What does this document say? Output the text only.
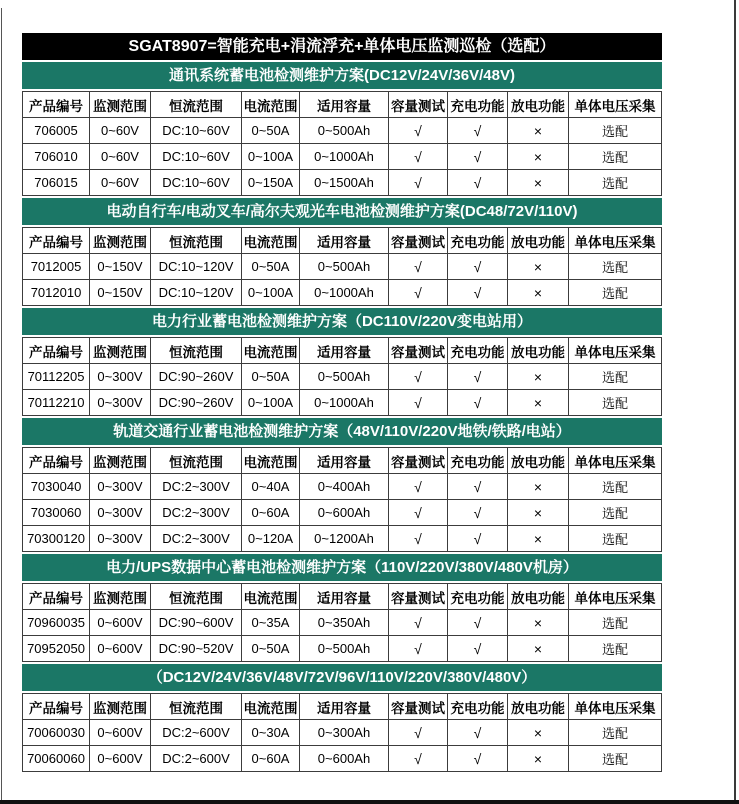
SGAT8907=智能充电+涓流浮充+单体电压监测巡检（选配）
通讯系统蓄电池检测维护方案(DC12V/24V/36V/48V)
产品编号	监测范围	恒流范围	电流范围	适用容量	容量测试	充电功能	放电功能	单体电压采集
706005	0~60V	DC:10~60V	0~50A	0~500Ah	√	√	×	选配
706010	0~60V	DC:10~60V	0~100A	0~1000Ah	√	√	×	选配
706015	0~60V	DC:10~60V	0~150A	0~1500Ah	√	√	×	选配
电动自行车/电动叉车/高尔夫观光车电池检测维护方案(DC48/72V/110V)
产品编号	监测范围	恒流范围	电流范围	适用容量	容量测试	充电功能	放电功能	单体电压采集
7012005	0~150V	DC:10~120V	0~50A	0~500Ah	√	√	×	选配
7012010	0~150V	DC:10~120V	0~100A	0~1000Ah	√	√	×	选配
电力行业蓄电池检测维护方案（DC110V/220V变电站用）
产品编号	监测范围	恒流范围	电流范围	适用容量	容量测试	充电功能	放电功能	单体电压采集
70112205	0~300V	DC:90~260V	0~50A	0~500Ah	√	√	×	选配
70112210	0~300V	DC:90~260V	0~100A	0~1000Ah	√	√	×	选配
轨道交通行业蓄电池检测维护方案（48V/110V/220V地铁/铁路/电站）
产品编号	监测范围	恒流范围	电流范围	适用容量	容量测试	充电功能	放电功能	单体电压采集
7030040	0~300V	DC:2~300V	0~40A	0~400Ah	√	√	×	选配
7030060	0~300V	DC:2~300V	0~60A	0~600Ah	√	√	×	选配
70300120	0~300V	DC:2~300V	0~120A	0~1200Ah	√	√	×	选配
电力/UPS数据中心蓄电池检测维护方案（110V/220V/380V/480V机房）
产品编号	监测范围	恒流范围	电流范围	适用容量	容量测试	充电功能	放电功能	单体电压采集
70960035	0~600V	DC:90~600V	0~35A	0~350Ah	√	√	×	选配
70952050	0~600V	DC:90~520V	0~50A	0~500Ah	√	√	×	选配
（DC12V/24V/36V/48V/72V/96V/110V/220V/380V/480V）
产品编号	监测范围	恒流范围	电流范围	适用容量	容量测试	充电功能	放电功能	单体电压采集
70060030	0~600V	DC:2~600V	0~30A	0~300Ah	√	√	×	选配
70060060	0~600V	DC:2~600V	0~60A	0~600Ah	√	√	×	选配
